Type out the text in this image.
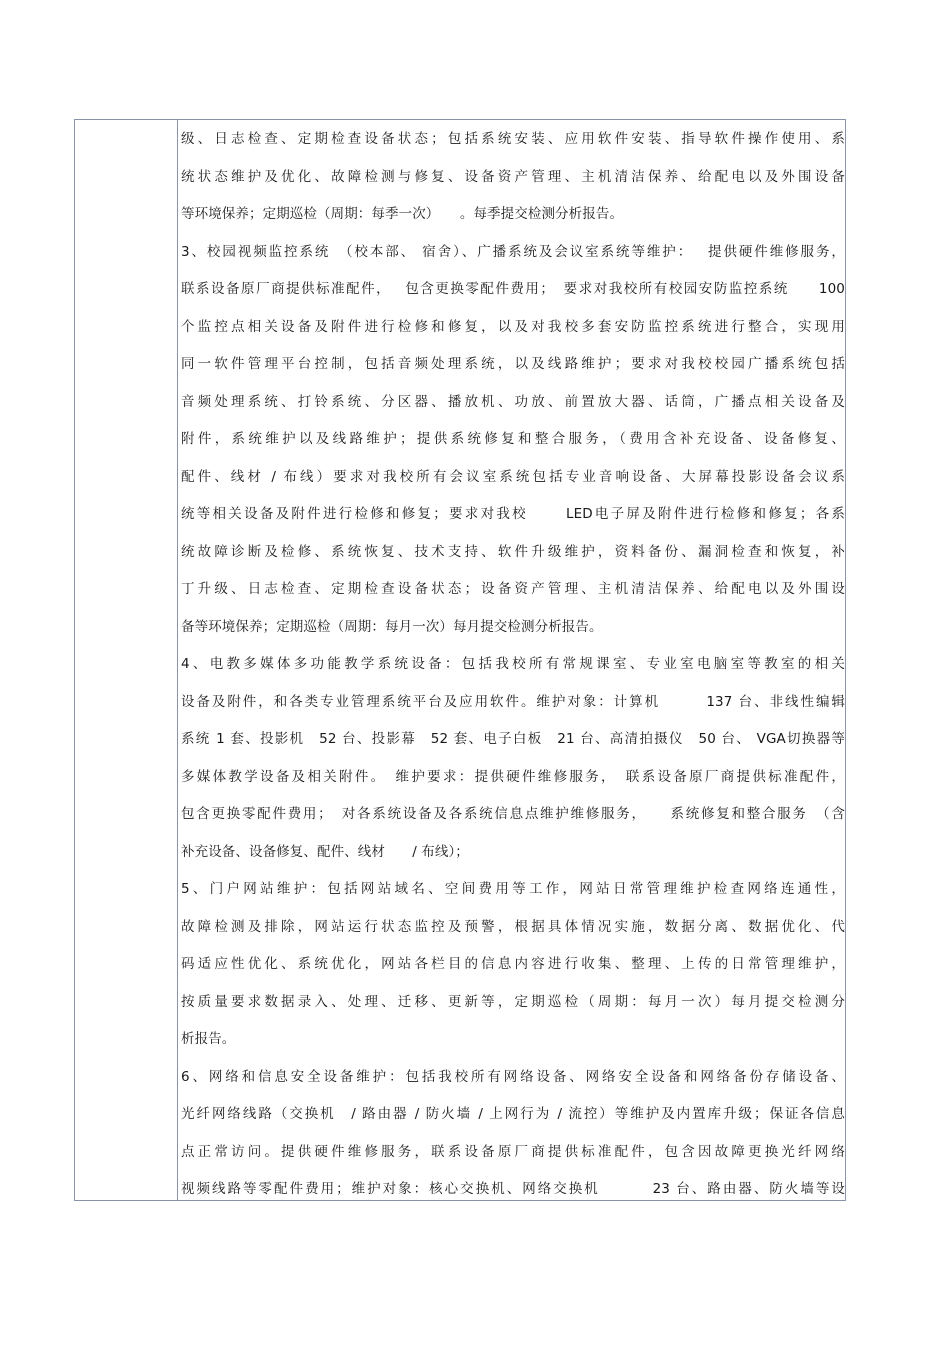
级、日志检查、定期检查设备状态；包括系统安装、应用软件安装、指导软件操作使用、系
统状态维护及优化、故障检测与修复、设备资产管理、主机清洁保养、给配电以及外围设备
等环境保养；定期巡检（周期：每季一次）　　。每季提交检测分析报告。
3、校园视频监控系统　（校本部、 宿舍）、广播系统及会议室系统等维护：　 提供硬件维修服务，
联系设备原厂商提供标准配件，　 包含更换零配件费用；　要求对我校所有校园安防监控系统　　100
个监控点相关设备及附件进行检修和修复，以及对我校多套安防监控系统进行整合，实现用
同一软件管理平台控制，包括音频处理系统，以及线路维护；要求对我校校园广播系统包括
音频处理系统、打铃系统、分区器、播放机、功放、前置放大器、话筒，广播点相关设备及
附件，系统维护以及线路维护；提供系统修复和整合服务，（费用含补充设备、设备修复、
配件、线材 / 布线）要求对我校所有会议室系统包括专业音响设备、大屏幕投影设备会议系
统等相关设备及附件进行检修和修复；要求对我校　　 LED电子屏及附件进行检修和修复；各系
统故障诊断及检修、系统恢复、技术支持、软件升级维护，资料备份、漏洞检查和恢复，补
丁升级、日志检查、定期检查设备状态；设备资产管理、主机清洁保养、给配电以及外围设
备等环境保养；定期巡检（周期：每月一次）每月提交检测分析报告。
4、电教多媒体多功能教学系统设备：包括我校所有常规课室、专业室电脑室等教室的相关
设备及附件，和各类专业管理系统平台及应用软件。维护对象：计算机　　　137 台、非线性编辑
系统 1 套、投影机　52 台、投影幕　52 套、电子白板　21 台、高清拍摄仪　50 台、 VGA切换器等
多媒体教学设备及相关附件。　维护要求：提供硬件维修服务，　联系设备原厂商提供标准配件，
包含更换零配件费用；　对各系统设备及各系统信息点维护维修服务，　　系统修复和整合服务　（含
补充设备、设备修复、配件、线材　　/ 布线）；
5、门户网站维护：包括网站域名、空间费用等工作，网站日常管理维护检查网络连通性，
故障检测及排除，网站运行状态监控及预警，根据具体情况实施，数据分离、数据优化、代
码适应性优化、系统优化，网站各栏目的信息内容进行收集、整理、上传的日常管理维护，
按质量要求数据录入、处理、迁移、更新等，定期巡检（周期：每月一次）每月提交检测分
析报告。
6、网络和信息安全设备维护：包括我校所有网络设备、网络安全设备和网络备份存储设备、
光纤网络线路（交换机　/ 路由器 / 防火墙 / 上网行为 / 流控）等维护及内置库升级；保证各信息
点正常访问。提供硬件维修服务，联系设备原厂商提供标准配件，包含因故障更换光纤网络
视频线路等零配件费用；维护对象：核心交换机、网络交换机　　　 23 台、路由器、防火墙等设
